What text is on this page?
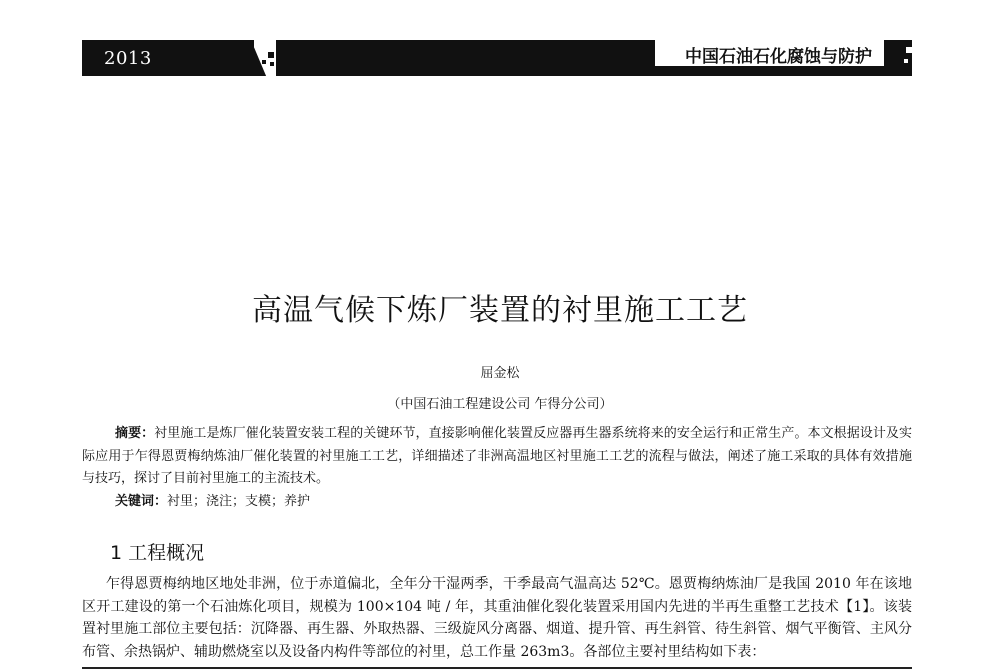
2013	中国石油石化腐蚀与防护
高温气候下炼厂装置的衬里施工工艺
屈金松
（中国石油工程建设公司 乍得分公司）

摘要：衬里施工是炼厂催化装置安装工程的关键环节，直接影响催化装置反应器再生器系统将来的安全运行和正常生产。本文根据设计及实际应用于乍得恩贾梅纳炼油厂催化装置的衬里施工工艺，详细描述了非洲高温地区衬里施工工艺的流程与做法，阐述了施工采取的具体有效措施与技巧，探讨了目前衬里施工的主流技术。

关键词：衬里；浇注；支模；养护

1 工程概况

乍得恩贾梅纳地区地处非洲，位于赤道偏北，全年分干湿两季，干季最高气温高达 52℃。恩贾梅纳炼油厂是我国 2010 年在该地区开工建设的第一个石油炼化项目，规模为 100×104 吨 / 年，其重油催化裂化装置采用国内先进的半再生重整工艺技术【1】。该装置衬里施工部位主要包括：沉降器、再生器、外取热器、三级旋风分离器、烟道、提升管、再生斜管、待生斜管、烟气平衡管、主风分布管、余热锅炉、辅助燃烧室以及设备内构件等部位的衬里，总工作量 263m3。各部位主要衬里结构如下表：
